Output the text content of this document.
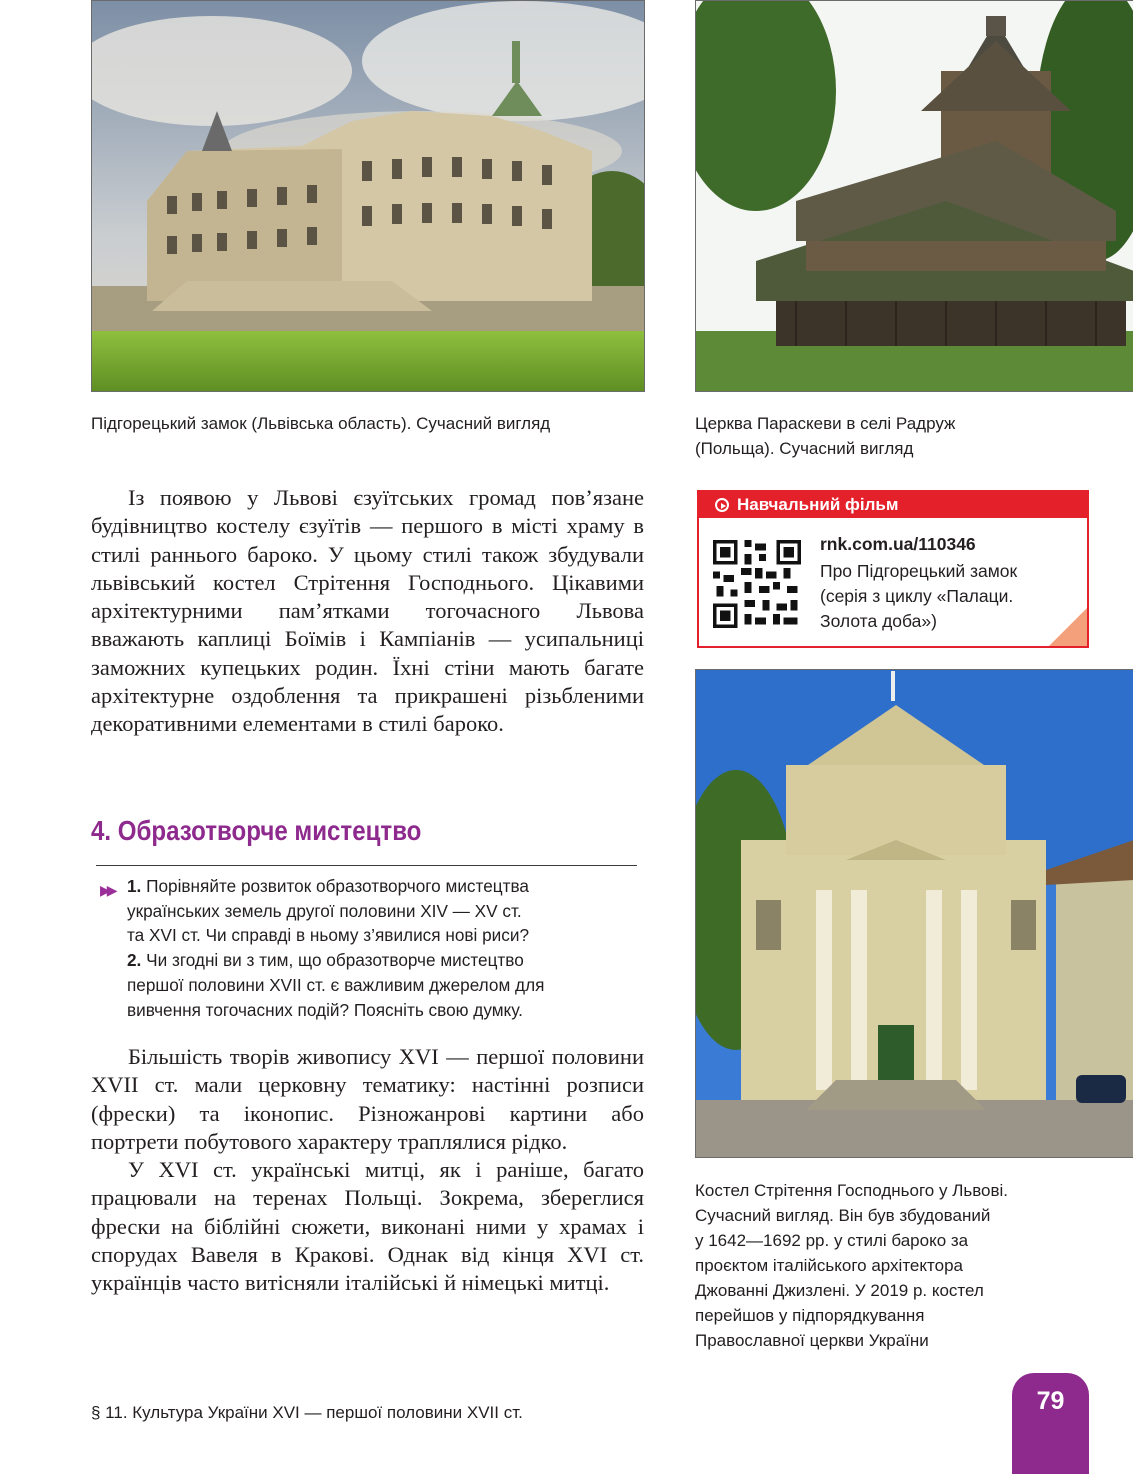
Підгорецький замок (Львівська область). Сучасний вигляд	Церква Параскеви в селі Радруж
(Польща). Сучасний вигляд

Із появою у Львові єзуїтських громад пов’язане будівництво костелу єзуїтів — першого в місті храму в стилі раннього бароко. У цьому стилі також збудували львівський костел Стрітення Господнього. Цікавими архітектурними пам’ятками тогочасного Львова вважають каплиці Боїмів і Кампіанів — усипальниці заможних купецьких родин. Їхні стіни мають багате архітектурне оздоблення та прикрашені різьбленими декоративними елементами в стилі бароко.

Навчальний фільм
rnk.com.ua/110346
Про Підгорецький замок
(серія з циклу «Палаци.
Золота доба»)
Костел Стрітення Господнього у Львові.
Сучасний вигляд. Він був збудований
у 1642—1692 рр. у стилі бароко за
проєктом італійського архітектора
Джованні Джизлені. У 2019 р. костел
перейшов у підпорядкування
Православної церкви України
4. Образотворче мистецтво
▶▶ 1. Порівняйте розвиток образотворчого мистецтва
українських земель другої половини XIV — XV ст.
та XVI ст. Чи справді в ньому з’явилися нові риси?
2. Чи згодні ви з тим, що образотворче мистецтво
першої половини XVII ст. є важливим джерелом для
вивчення тогочасних подій? Поясніть свою думку.

Більшість творів живопису XVI — першої половини XVII ст. мали церковну тематику: настінні розписи (фрески) та іконопис. Різножанрові картини або портрети побутового характеру траплялися рідко.

У XVI ст. українські митці, як і раніше, багато працювали на теренах Польщі. Зокрема, збереглися фрески на біблійні сюжети, виконані ними у храмах і спорудах Вавеля в Кракові. Однак від кінця XVI ст. українців часто витісняли італійські й німецькі митці.

§ 11. Культура України XVI — першої половини XVII ст.	79
